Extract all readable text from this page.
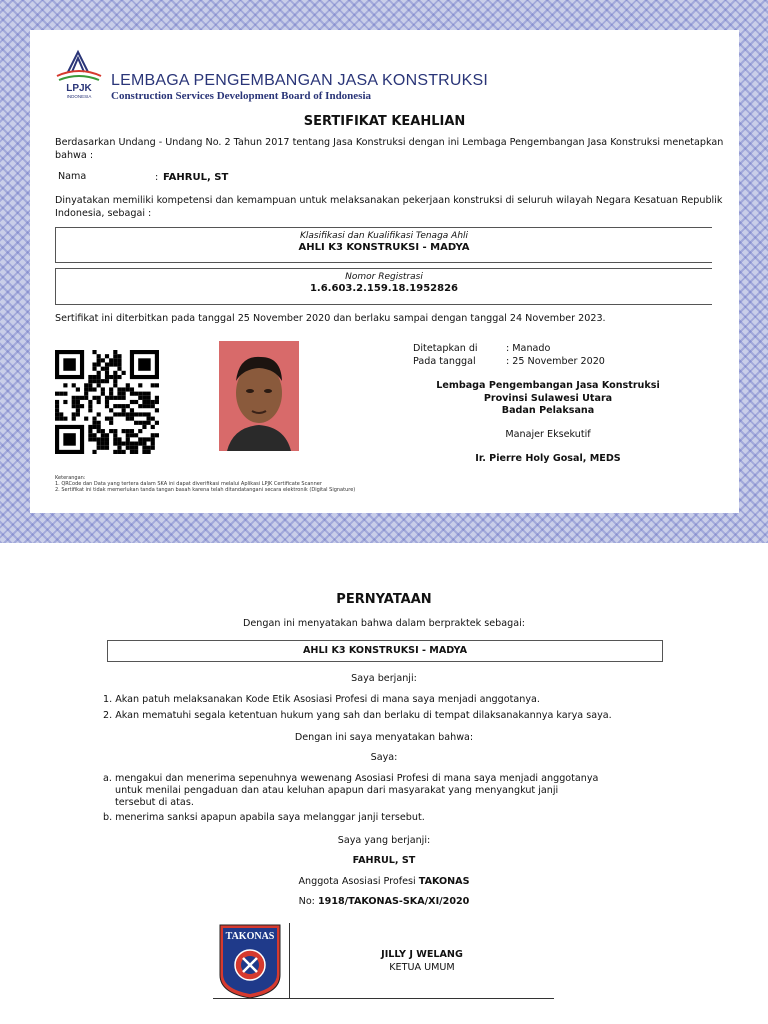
LPJK
INDONESIA
LEMBAGA PENGEMBANGAN JASA KONSTRUKSI
Construction Services Development Board of Indonesia
SERTIFIKAT KEAHLIAN
Berdasarkan Undang - Undang No. 2 Tahun 2017 tentang Jasa Konstruksi dengan ini Lembaga Pengembangan Jasa Konstruksi menetapkan
bahwa :
Nama	: FAHRUL, ST
Dinyatakan memiliki kompetensi dan kemampuan untuk melaksanakan pekerjaan konstruksi di seluruh wilayah Negara Kesatuan Republik
Indonesia, sebagai :
Klasifikasi dan Kualifikasi Tenaga Ahli
AHLI K3 KONSTRUKSI - MADYA
Nomor Registrasi
1.6.603.2.159.18.1952826
Sertifikat ini diterbitkan pada tanggal 25 November 2020 dan berlaku sampai dengan tanggal 24 November 2023.
Ditetapkan di	: Manado
Pada tanggal	: 25 November 2020
Lembaga Pengembangan Jasa Konstruksi
Provinsi Sulawesi Utara
Badan Pelaksana
Manajer Eksekutif
Ir. Pierre Holy Gosal, MEDS
Keterangan:
1. QRCode dan Data yang tertera dalam SKA ini dapat diverifikasi melalui Aplikasi LPJK Certificate Scanner
2. Sertifikat ini tidak memerlukan tanda tangan basah karena telah ditandatangani secara elektronik (Digital Signature)
PERNYATAAN
Dengan ini menyatakan bahwa dalam berpraktek sebagai:
AHLI K3 KONSTRUKSI - MADYA
Saya berjanji:
1. Akan patuh melaksanakan Kode Etik Asosiasi Profesi di mana saya menjadi anggotanya.
2. Akan mematuhi segala ketentuan hukum yang sah dan berlaku di tempat dilaksanakannya karya saya.
Dengan ini saya menyatakan bahwa:
Saya:
a. mengakui dan menerima sepenuhnya wewenang Asosiasi Profesi di mana saya menjadi anggotanya
untuk menilai pengaduan dan atau keluhan apapun dari masyarakat yang menyangkut janji
tersebut di atas.
b. menerima sanksi apapun apabila saya melanggar janji tersebut.
Saya yang berjanji:
FAHRUL, ST
Anggota Asosiasi Profesi TAKONAS
No: 1918/TAKONAS-SKA/XI/2020
TAKONAS
JILLY J WELANG
KETUA UMUM
